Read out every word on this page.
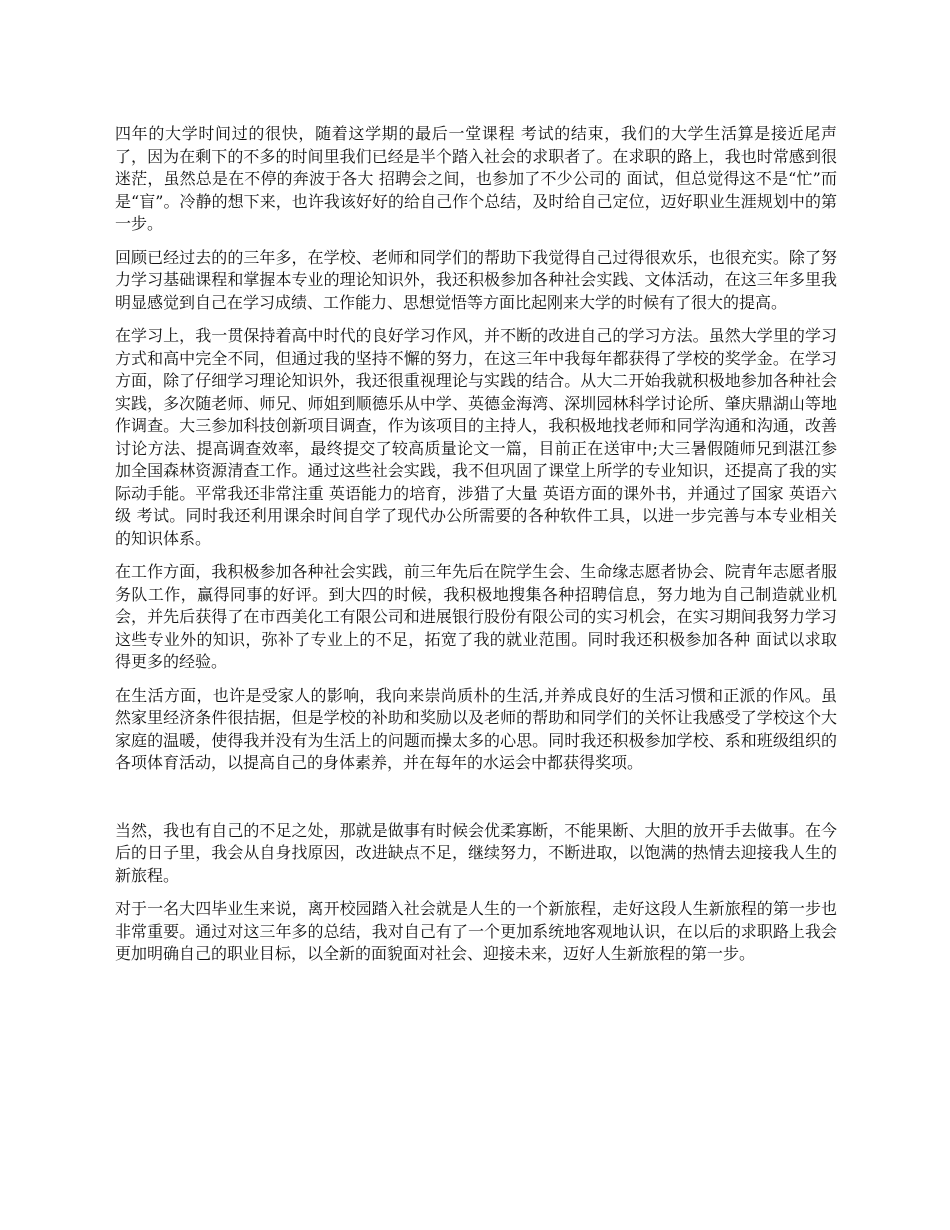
四年的大学时间过的很快，随着这学期的最后一堂课程 考试的结束，我们的大学生活算是接近尾声了，因为在剩下的不多的时间里我们已经是半个踏入社会的求职者了。在求职的路上，我也时常感到很迷茫，虽然总是在不停的奔波于各大 招聘会之间，也参加了不少公司的 面试，但总觉得这不是“忙”而是“盲”。冷静的想下来，也许我该好好的给自己作个总结，及时给自己定位，迈好职业生涯规划中的第一步。

回顾已经过去的的三年多，在学校、老师和同学们的帮助下我觉得自己过得很欢乐，也很充实。除了努力学习基础课程和掌握本专业的理论知识外，我还积极参加各种社会实践、文体活动，在这三年多里我明显感觉到自己在学习成绩、工作能力、思想觉悟等方面比起刚来大学的时候有了很大的提高。

在学习上，我一贯保持着高中时代的良好学习作风，并不断的改进自己的学习方法。虽然大学里的学习方式和高中完全不同，但通过我的坚持不懈的努力，在这三年中我每年都获得了学校的奖学金。在学习方面，除了仔细学习理论知识外，我还很重视理论与实践的结合。从大二开始我就积极地参加各种社会实践，多次随老师、师兄、师姐到顺德乐从中学、英德金海湾、深圳园林科学讨论所、肇庆鼎湖山等地作调查。大三参加科技创新项目调查，作为该项目的主持人，我积极地找老师和同学沟通和沟通，改善讨论方法、提高调查效率，最终提交了较高质量论文一篇，目前正在送审中;大三暑假随师兄到湛江参加全国森林资源清查工作。通过这些社会实践，我不但巩固了课堂上所学的专业知识，还提高了我的实际动手能。平常我还非常注重 英语能力的培育，涉猎了大量 英语方面的课外书，并通过了国家 英语六级 考试。同时我还利用课余时间自学了现代办公所需要的各种软件工具，以进一步完善与本专业相关的知识体系。

在工作方面，我积极参加各种社会实践，前三年先后在院学生会、生命缘志愿者协会、院青年志愿者服务队工作，赢得同事的好评。到大四的时候，我积极地搜集各种招聘信息，努力地为自己制造就业机会，并先后获得了在市西美化工有限公司和进展银行股份有限公司的实习机会，在实习期间我努力学习这些专业外的知识，弥补了专业上的不足，拓宽了我的就业范围。同时我还积极参加各种 面试以求取得更多的经验。

在生活方面，也许是受家人的影响，我向来崇尚质朴的生活,并养成良好的生活习惯和正派的作风。虽然家里经济条件很拮据，但是学校的补助和奖励以及老师的帮助和同学们的关怀让我感受了学校这个大家庭的温暖，使得我并没有为生活上的问题而操太多的心思。同时我还积极参加学校、系和班级组织的各项体育活动，以提高自己的身体素养，并在每年的水运会中都获得奖项。

当然，我也有自己的不足之处，那就是做事有时候会优柔寡断，不能果断、大胆的放开手去做事。在今后的日子里，我会从自身找原因，改进缺点不足，继续努力，不断进取，以饱满的热情去迎接我人生的新旅程。

对于一名大四毕业生来说，离开校园踏入社会就是人生的一个新旅程，走好这段人生新旅程的第一步也非常重要。通过对这三年多的总结，我对自己有了一个更加系统地客观地认识，在以后的求职路上我会更加明确自己的职业目标，以全新的面貌面对社会、迎接未来，迈好人生新旅程的第一步。
